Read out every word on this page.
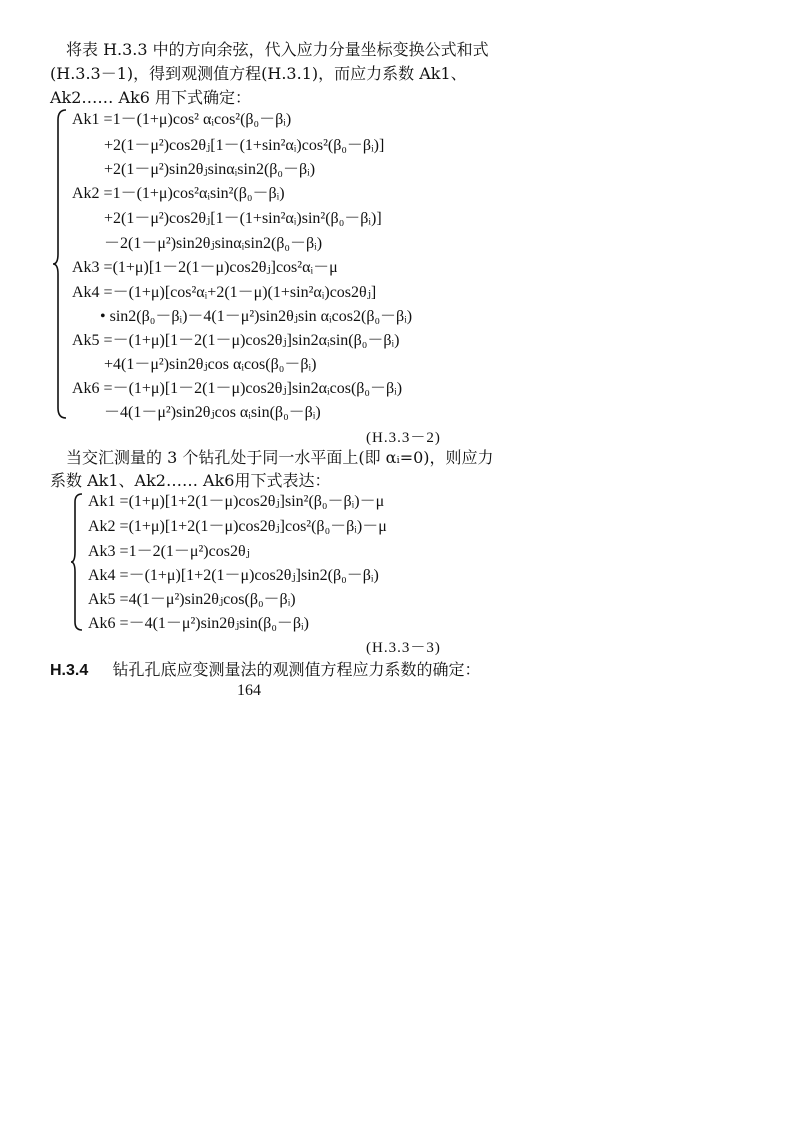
将表 H.3.3 中的方向余弦，代入应力分量坐标变换公式和式
(H.3.3－1)，得到观测值方程(H.3.1)，而应力系数 Ak1、
Ak2…… Ak6 用下式确定：
Ak1 =1－(1+μ)cos² αᵢcos²(β₀－βᵢ)
+2(1－μ²)cos2θⱼ[1－(1+sin²αᵢ)cos²(β₀－βᵢ)]
+2(1－μ²)sin2θⱼsinαᵢsin2(β₀－βᵢ)
Ak2 =1－(1+μ)cos²αᵢsin²(β₀－βᵢ)
+2(1－μ²)cos2θⱼ[1－(1+sin²αᵢ)sin²(β₀－βᵢ)]
－2(1－μ²)sin2θⱼsinαᵢsin2(β₀－βᵢ)
Ak3 =(1+μ)[1－2(1－μ)cos2θⱼ]cos²αᵢ－μ
Ak4 =－(1+μ)[cos²αᵢ+2(1－μ)(1+sin²αᵢ)cos2θⱼ]
• sin2(β₀－βᵢ)－4(1－μ²)sin2θⱼsin αᵢcos2(β₀－βᵢ)
Ak5 =－(1+μ)[1－2(1－μ)cos2θⱼ]sin2αᵢsin(β₀－βᵢ)
+4(1－μ²)sin2θⱼcos αᵢcos(β₀－βᵢ)
Ak6 =－(1+μ)[1－2(1－μ)cos2θⱼ]sin2αᵢcos(β₀－βᵢ)
－4(1－μ²)sin2θⱼcos αᵢsin(β₀－βᵢ)
(H.3.3－2)
当交汇测量的 3 个钻孔处于同一水平面上(即 αᵢ=0)，则应力
系数 Ak1、Ak2…… Ak6用下式表达：
Ak1 =(1+μ)[1+2(1－μ)cos2θⱼ]sin²(β₀－βᵢ)－μ
Ak2 =(1+μ)[1+2(1－μ)cos2θⱼ]cos²(β₀－βᵢ)－μ
Ak3 =1－2(1－μ²)cos2θⱼ
Ak4 =－(1+μ)[1+2(1－μ)cos2θⱼ]sin2(β₀－βᵢ)
Ak5 =4(1－μ²)sin2θⱼcos(β₀－βᵢ)
Ak6 =－4(1－μ²)sin2θⱼsin(β₀－βᵢ)
(H.3.3－3)
H.3.4 钻孔孔底应变测量法的观测值方程应力系数的确定：
164
